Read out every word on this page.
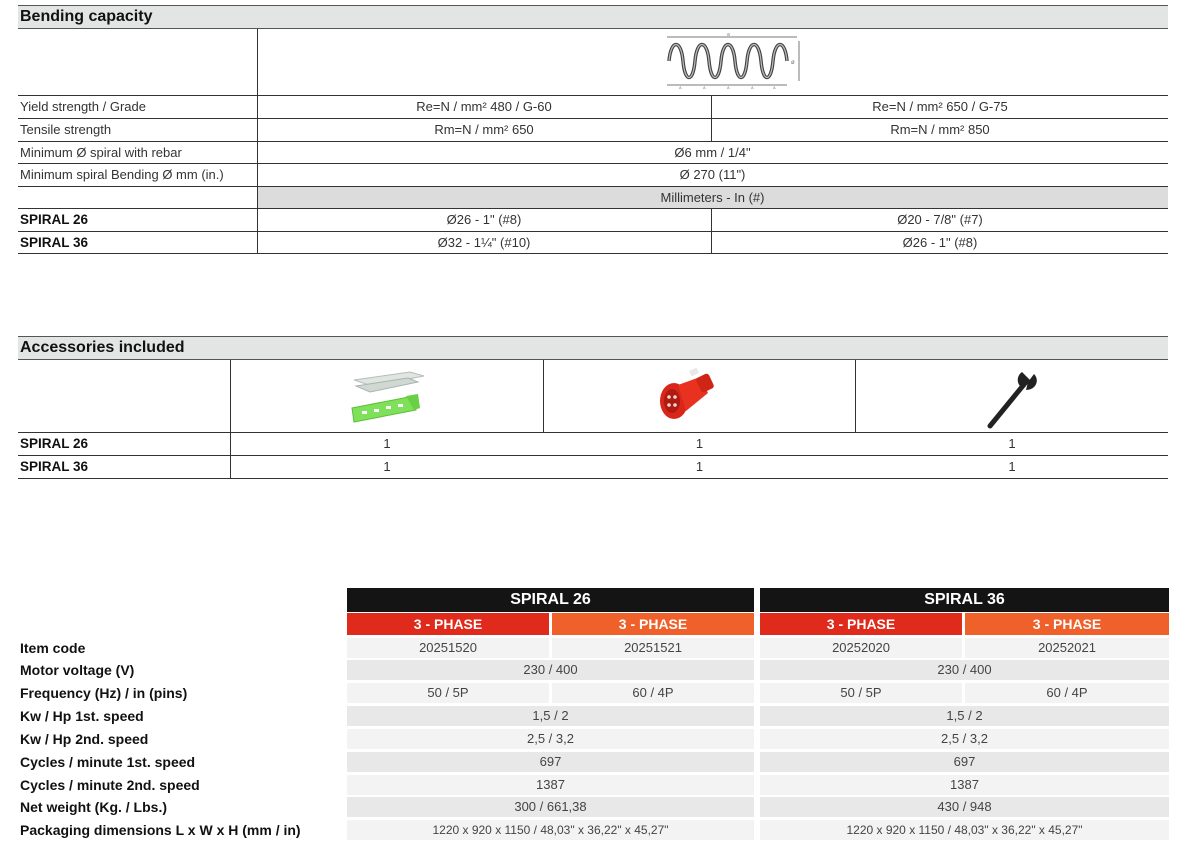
Bending capacity
a
ø
A	A	A	A	A
Yield strength / Grade	Re=N / mm² 480 / G-60	Re=N / mm² 650 / G-75
Tensile strength	Rm=N / mm² 650	Rm=N / mm² 850
Minimum Ø spiral with rebar	Ø6 mm / 1/4"
Minimum spiral Bending Ø mm (in.)	Ø 270 (11")
Millimeters - In (#)
SPIRAL 26	Ø26 - 1" (#8)	Ø20 - 7/8" (#7)
SPIRAL 36	Ø32 - 1¼" (#10)	Ø26 - 1" (#8)
Accessories included
SPIRAL 26	1	1	1
SPIRAL 36	1	1	1
SPIRAL 26	SPIRAL 36
3 - PHASE	3 - PHASE	3 - PHASE	3 - PHASE
Item code	20251520	20251521	20252020	20252021
Motor voltage (V)	230 / 400	230 / 400
Frequency (Hz) / in (pins)	50 / 5P	60 / 4P	50 / 5P	60 / 4P
Kw / Hp 1st. speed	1,5 / 2	1,5 / 2
Kw / Hp 2nd. speed	2,5 / 3,2	2,5 / 3,2
Cycles / minute 1st. speed	697	697
Cycles / minute 2nd. speed	1387	1387
Net weight (Kg. / Lbs.)	300 / 661,38	430 / 948
Packaging dimensions L x W x H (mm / in)	1220 x 920 x 1150 / 48,03" x 36,22" x 45,27"	1220 x 920 x 1150 / 48,03" x 36,22" x 45,27"
